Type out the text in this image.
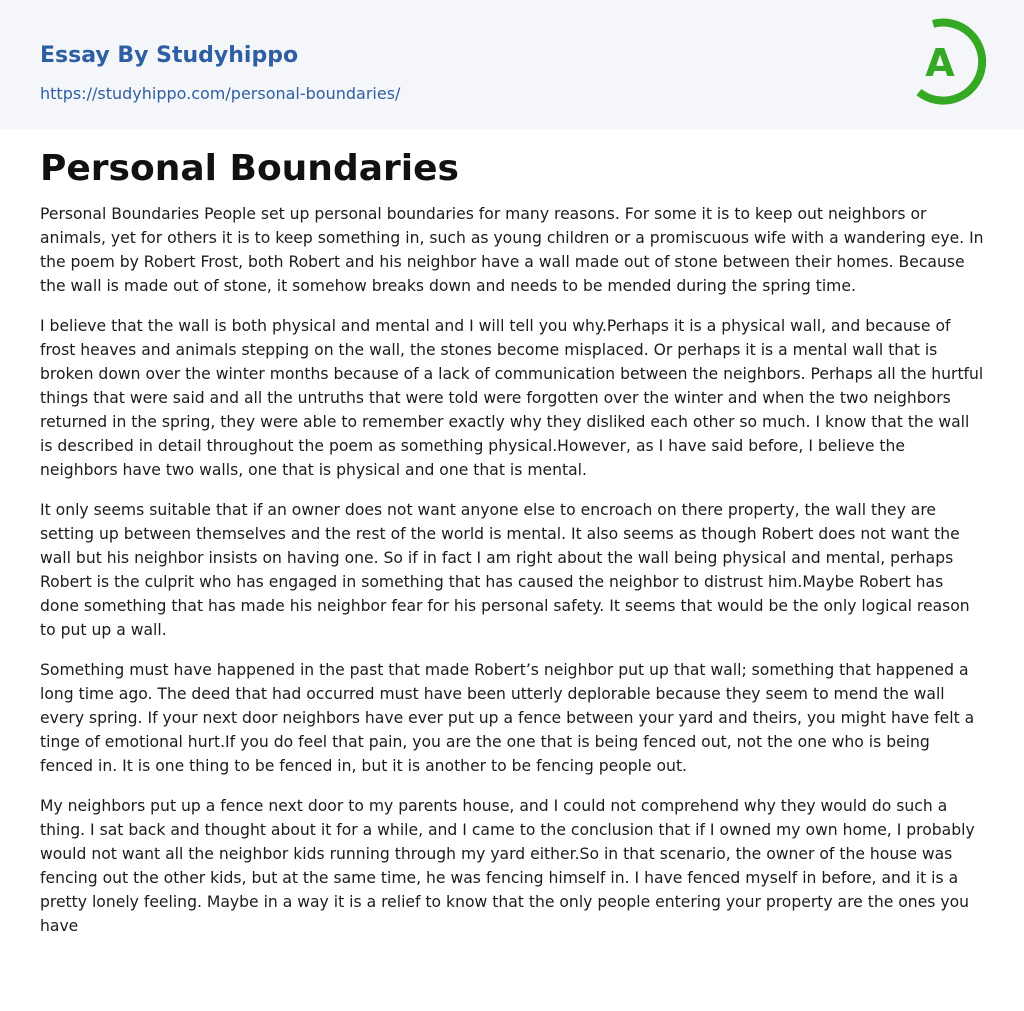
Essay By Studyhippo
https://studyhippo.com/personal-boundaries/
A
Personal Boundaries

Personal Boundaries People set up personal boundaries for many reasons. For some it is to keep out neighbors or animals, yet for others it is to keep something in, such as young children or a promiscuous wife with a wandering eye. In the poem by Robert Frost, both Robert and his neighbor have a wall made out of stone between their homes. Because the wall is made out of stone, it somehow breaks down and needs to be mended during the spring time.

I believe that the wall is both physical and mental and I will tell you why.Perhaps it is a physical wall, and because of frost heaves and animals stepping on the wall, the stones become misplaced. Or perhaps it is a mental wall that is broken down over the winter months because of a lack of communication between the neighbors. Perhaps all the hurtful things that were said and all the untruths that were told were forgotten over the winter and when the two neighbors returned in the spring, they were able to remember exactly why they disliked each other so much. I know that the wall is described in detail throughout the poem as something physical.However, as I have said before, I believe the neighbors have two walls, one that is physical and one that is mental.

It only seems suitable that if an owner does not want anyone else to encroach on there property, the wall they are setting up between themselves and the rest of the world is mental. It also seems as though Robert does not want the wall but his neighbor insists on having one. So if in fact I am right about the wall being physical and mental, perhaps Robert is the culprit who has engaged in something that has caused the neighbor to distrust him.Maybe Robert has done something that has made his neighbor fear for his personal safety. It seems that would be the only logical reason to put up a wall.

Something must have happened in the past that made Robert’s neighbor put up that wall; something that happened a long time ago. The deed that had occurred must have been utterly deplorable because they seem to mend the wall every spring. If your next door neighbors have ever put up a fence between your yard and theirs, you might have felt a tinge of emotional hurt.If you do feel that pain, you are the one that is being fenced out, not the one who is being fenced in. It is one thing to be fenced in, but it is another to be fencing people out.

My neighbors put up a fence next door to my parents house, and I could not comprehend why they would do such a thing. I sat back and thought about it for a while, and I came to the conclusion that if I owned my own home, I probably would not want all the neighbor kids running through my yard either.So in that scenario, the owner of the house was fencing out the other kids, but at the same time, he was fencing himself in. I have fenced myself in before, and it is a pretty lonely feeling. Maybe in a way it is a relief to know that the only people entering your property are the ones you have
